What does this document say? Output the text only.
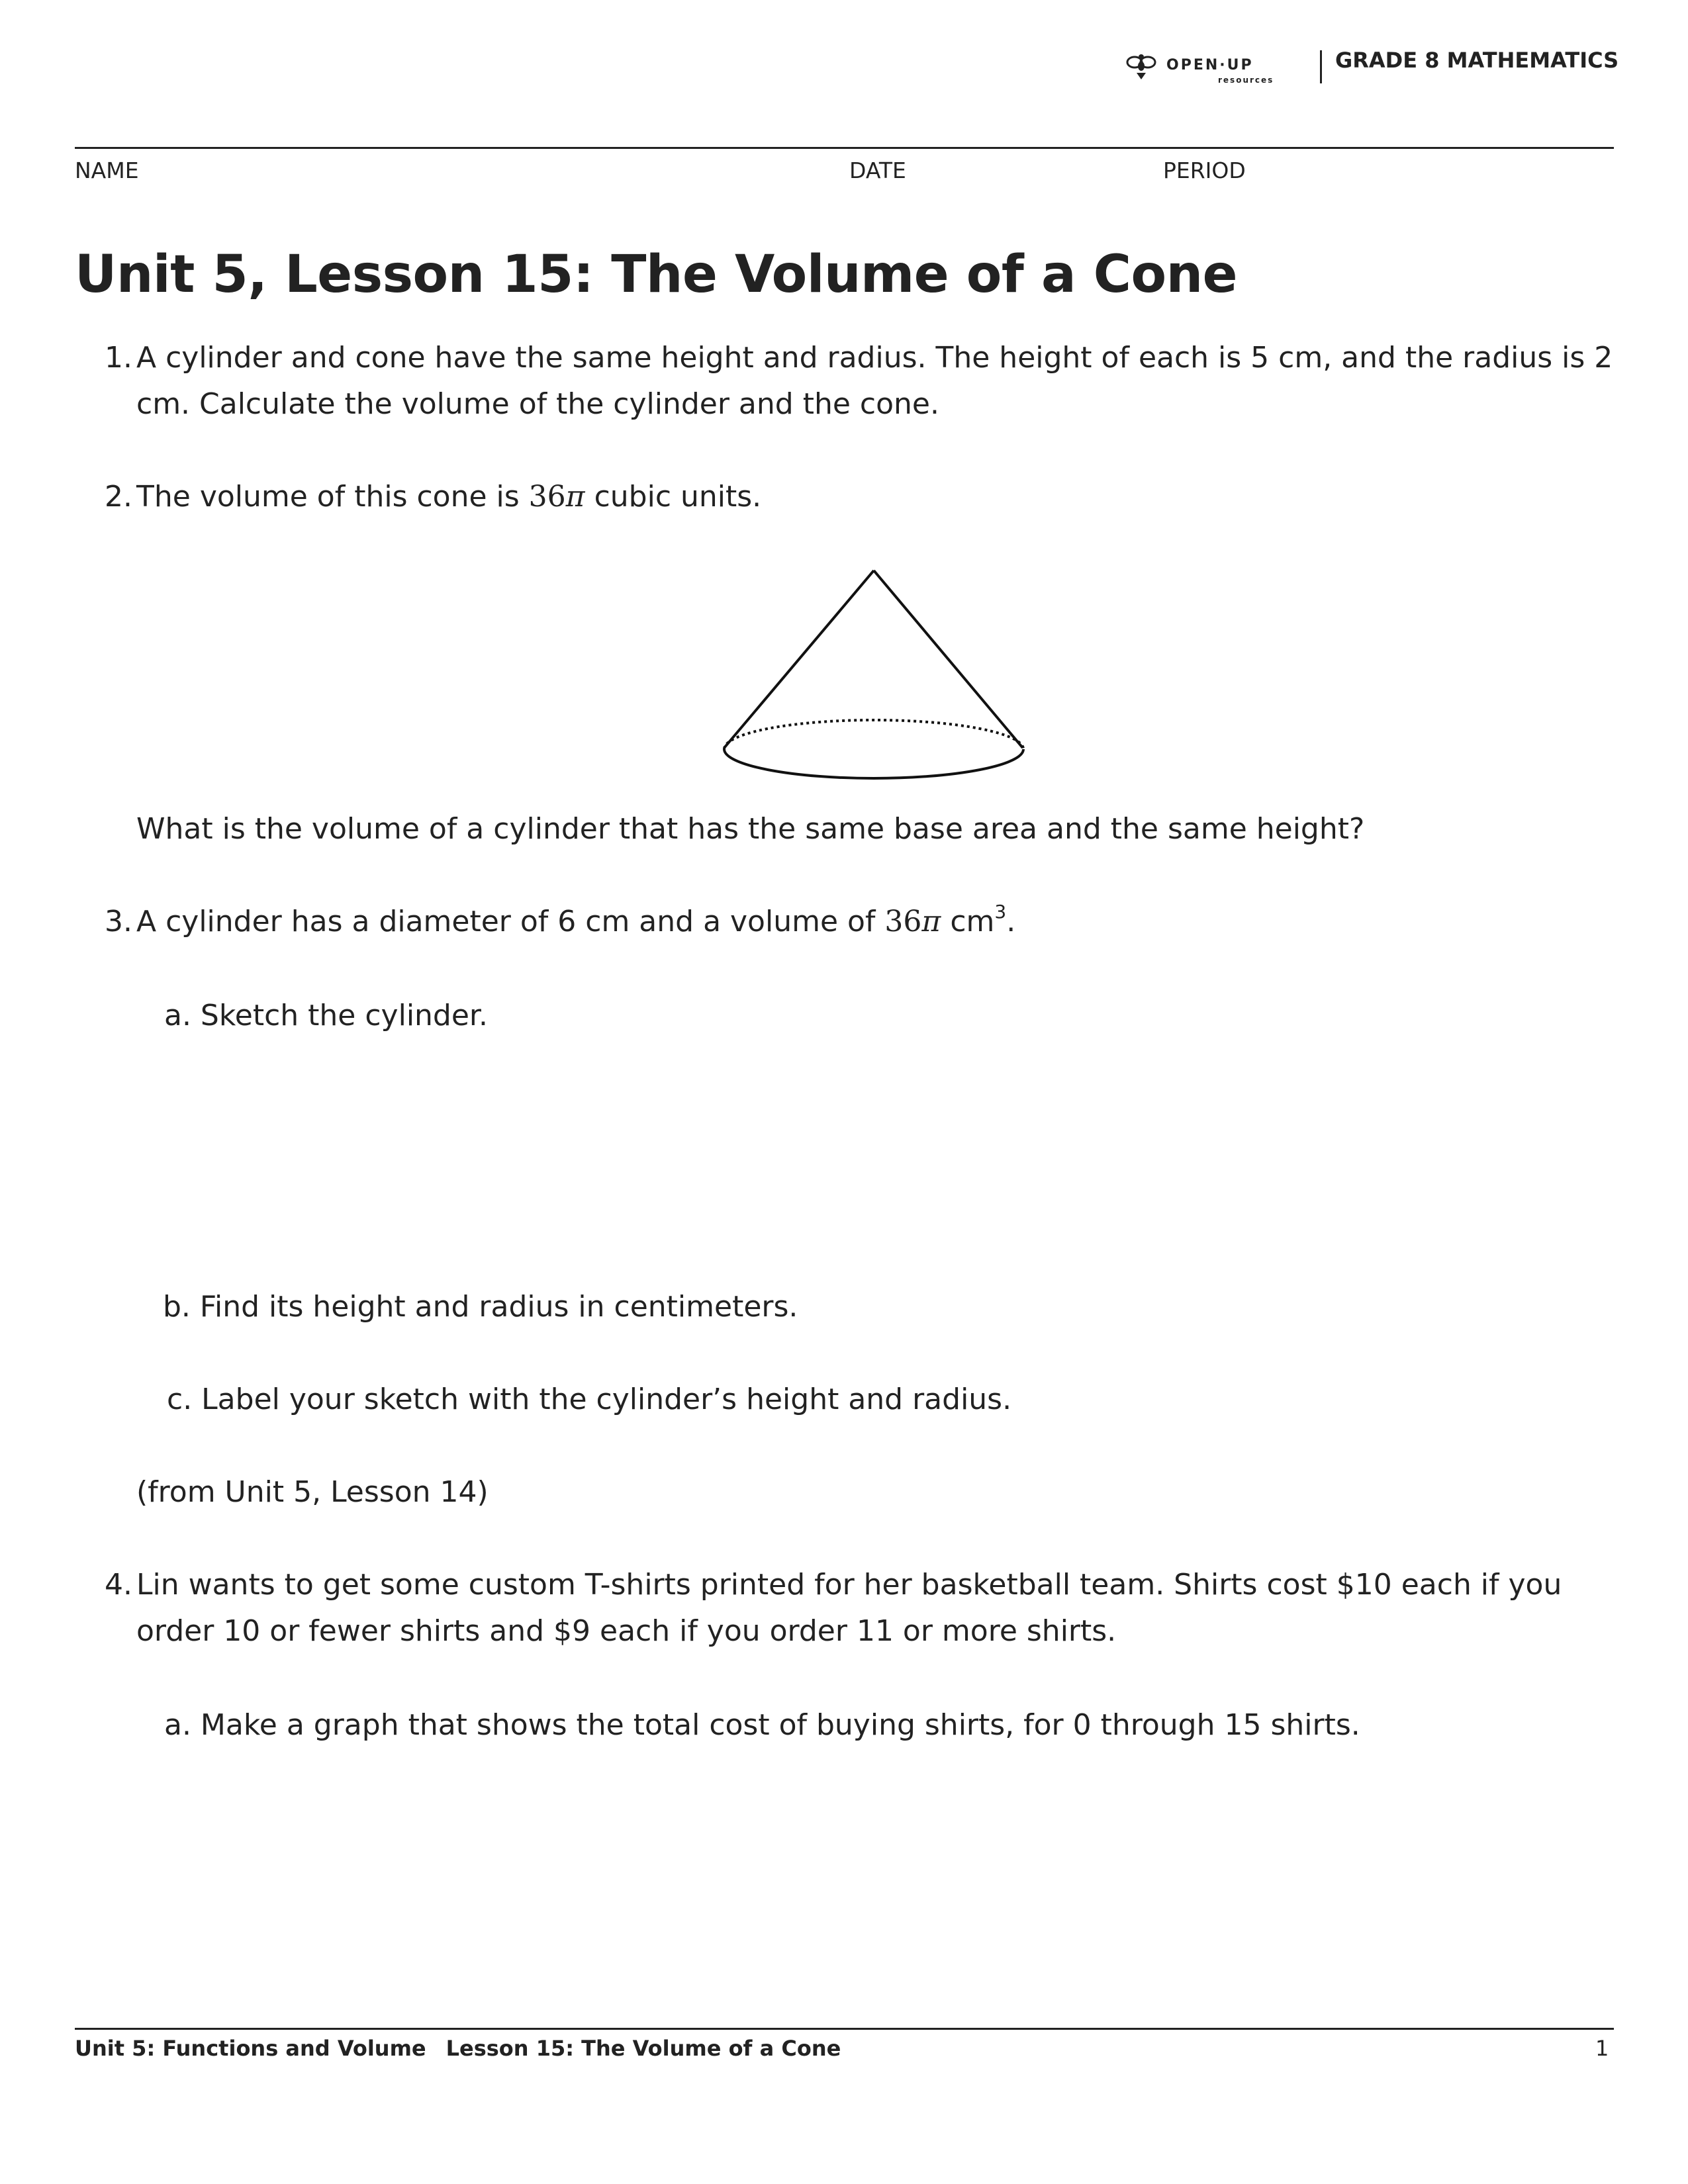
OPEN·UP
resources
GRADE 8 MATHEMATICS
NAME	DATE	PERIOD
Unit 5, Lesson 15: The Volume of a Cone
1. A cylinder and cone have the same height and radius. The height of each is 5 cm, and the radius is 2
cm. Calculate the volume of the cylinder and the cone.
2. The volume of this cone is 36π cubic units.
What is the volume of a cylinder that has the same base area and the same height?
3. A cylinder has a diameter of 6 cm and a volume of 36π $cm^3$.
a. Sketch the cylinder.
b. Find its height and radius in centimeters.
c. Label your sketch with the cylinder’s height and radius.
(from Unit 5, Lesson 14)
4. Lin wants to get some custom T-shirts printed for her basketball team. Shirts cost $10 each if you
order 10 or fewer shirts and $9 each if you order 11 or more shirts.
a. Make a graph that shows the total cost of buying shirts, for 0 through 15 shirts.
Unit 5: Functions and Volume Lesson 15: The Volume of a Cone	1
